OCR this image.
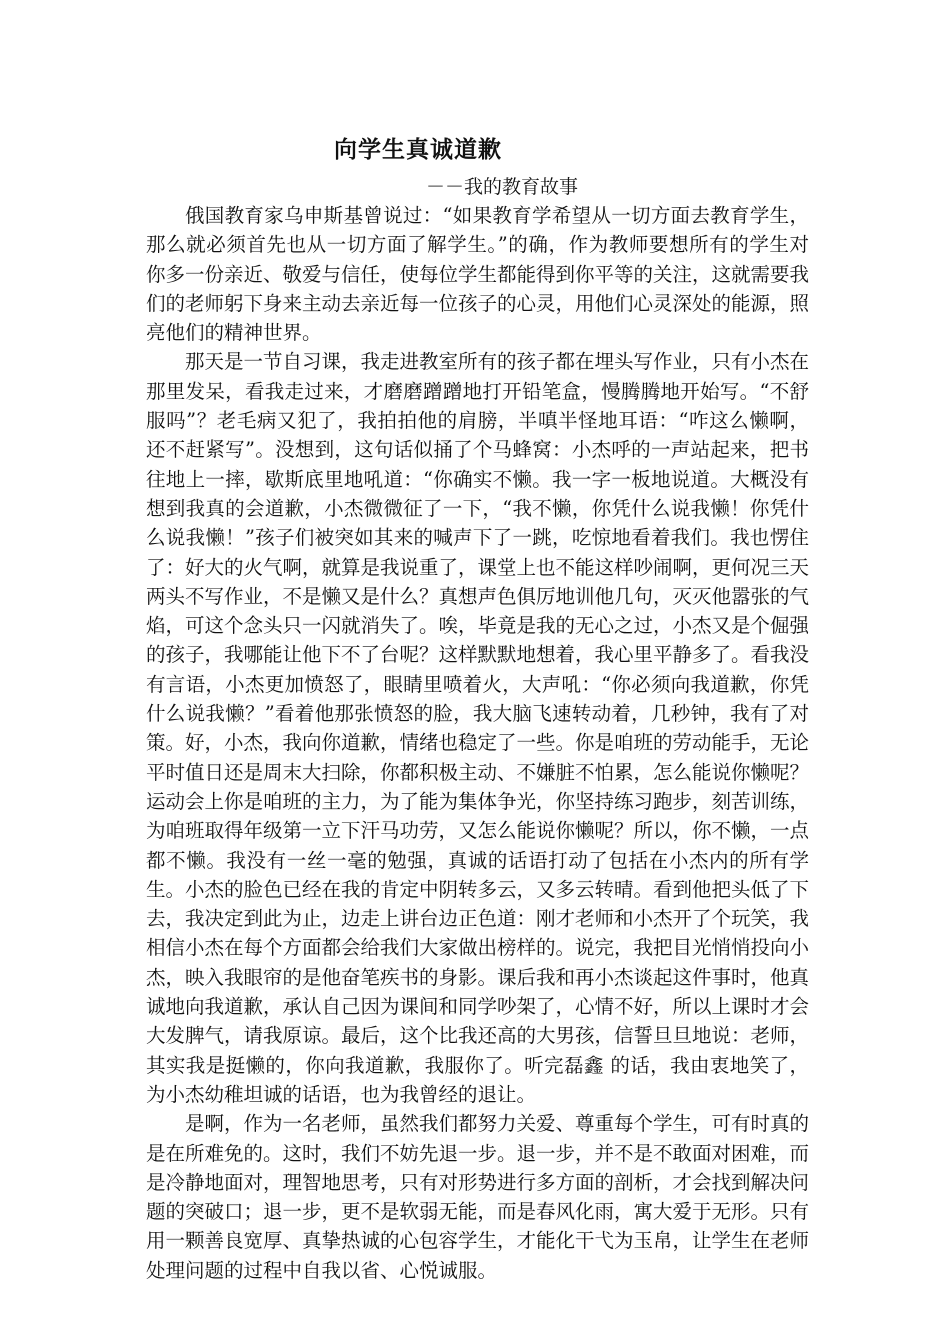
向学生真诚道歉
－－我的教育故事

俄国教育家乌申斯基曾说过：“如果教育学希望从一切方面去教育学生，那么就必须首先也从一切方面了解学生。”的确，作为教师要想所有的学生对你多一份亲近、敬爱与信任，使每位学生都能得到你平等的关注，这就需要我们的老师躬下身来主动去亲近每一位孩子的心灵，用他们心灵深处的能源，照亮他们的精神世界。

那天是一节自习课，我走进教室所有的孩子都在埋头写作业，只有小杰在那里发呆，看我走过来，才磨磨蹭蹭地打开铅笔盒，慢腾腾地开始写。“不舒服吗”？老毛病又犯了，我拍拍他的肩膀，半嗔半怪地耳语：“咋这么懒啊，还不赶紧写”。没想到，这句话似捅了个马蜂窝：小杰呼的一声站起来，把书往地上一摔，歇斯底里地吼道：“你确实不懒。我一字一板地说道。大概没有想到我真的会道歉，小杰微微征了一下，“我不懒，你凭什么说我懒！你凭什么说我懒！”孩子们被突如其来的喊声下了一跳，吃惊地看着我们。我也愣住了：好大的火气啊，就算是我说重了，课堂上也不能这样吵闹啊，更何况三天两头不写作业，不是懒又是什么？真想声色俱厉地训他几句，灭灭他嚣张的气焰，可这个念头只一闪就消失了。唉，毕竟是我的无心之过，小杰又是个倔强的孩子，我哪能让他下不了台呢？这样默默地想着，我心里平静多了。看我没有言语，小杰更加愤怒了，眼睛里喷着火，大声吼：“你必须向我道歉，你凭什么说我懒？”看着他那张愤怒的脸，我大脑飞速转动着，几秒钟，我有了对策。好，小杰，我向你道歉，情绪也稳定了一些。你是咱班的劳动能手，无论平时值日还是周末大扫除，你都积极主动、不嫌脏不怕累，怎么能说你懒呢？运动会上你是咱班的主力，为了能为集体争光，你坚持练习跑步，刻苦训练，为咱班取得年级第一立下汗马功劳，又怎么能说你懒呢？所以，你不懒，一点都不懒。我没有一丝一毫的勉强，真诚的话语打动了包括在小杰内的所有学生。小杰的脸色已经在我的肯定中阴转多云，又多云转晴。看到他把头低了下去，我决定到此为止，边走上讲台边正色道：刚才老师和小杰开了个玩笑，我相信小杰在每个方面都会给我们大家做出榜样的。说完，我把目光悄悄投向小杰，映入我眼帘的是他奋笔疾书的身影。课后我和再小杰谈起这件事时，他真诚地向我道歉，承认自己因为课间和同学吵架了，心情不好，所以上课时才会大发脾气，请我原谅。最后，这个比我还高的大男孩，信誓旦旦地说：老师，其实我是挺懒的，你向我道歉，我服你了。听完磊鑫 的话，我由衷地笑了，为小杰幼稚坦诚的话语，也为我曾经的退让。

是啊，作为一名老师，虽然我们都努力关爱、尊重每个学生，可有时真的是在所难免的。这时，我们不妨先退一步。退一步，并不是不敢面对困难，而是冷静地面对，理智地思考，只有对形势进行多方面的剖析，才会找到解决问题的突破口；退一步，更不是软弱无能，而是春风化雨，寓大爱于无形。只有用一颗善良宽厚、真挚热诚的心包容学生，才能化干弋为玉帛，让学生在老师处理问题的过程中自我以省、心悦诚服。
